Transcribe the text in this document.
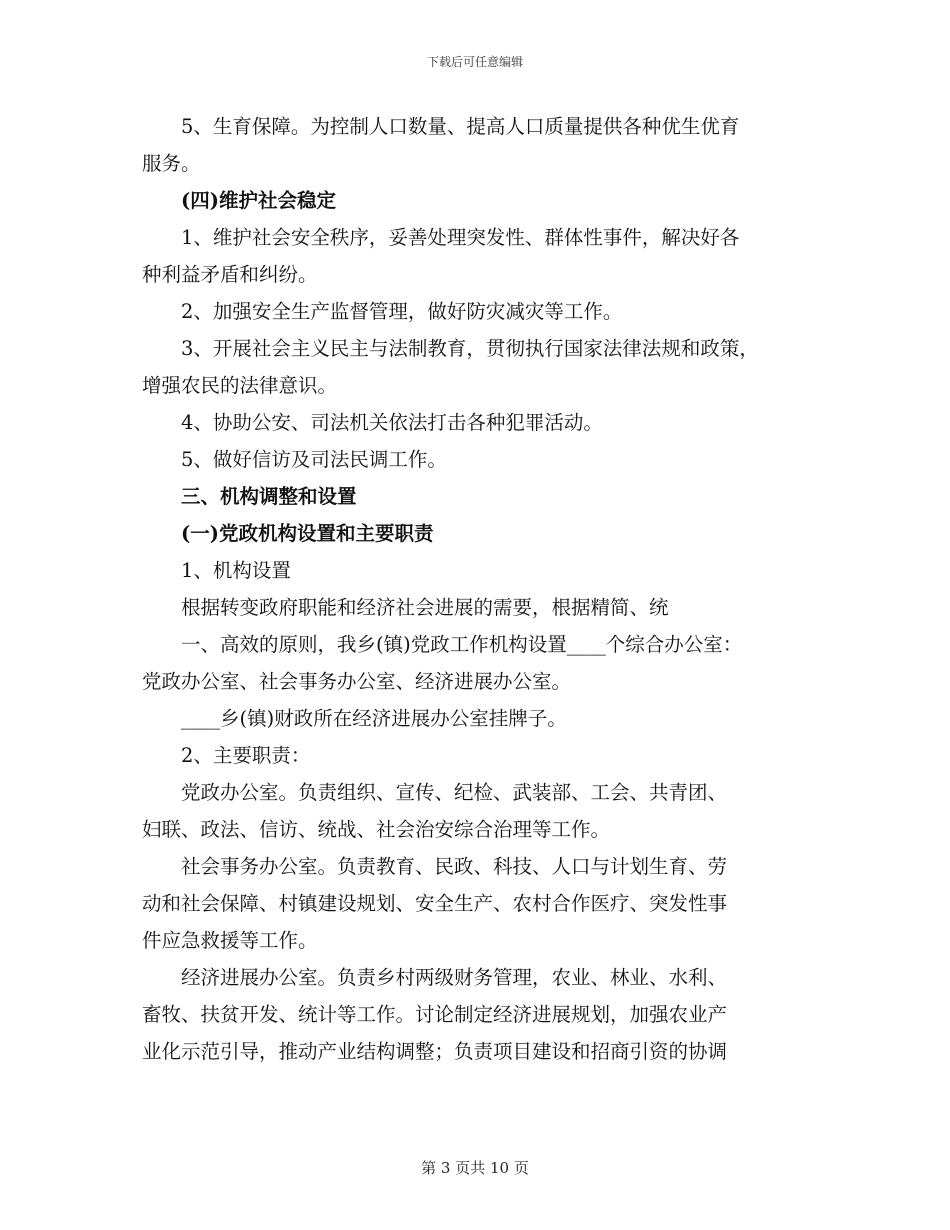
下载后可任意编辑
5、生育保障。为控制人口数量、提高人口质量提供各种优生优育
服务。

(四)维护社会稳定

1、维护社会安全秩序，妥善处理突发性、群体性事件，解决好各
种利益矛盾和纠纷。

2、加强安全生产监督管理，做好防灾减灾等工作。

3、开展社会主义民主与法制教育，贯彻执行国家法律法规和政策，
增强农民的法律意识。

4、协助公安、司法机关依法打击各种犯罪活动。

5、做好信访及司法民调工作。

三、机构调整和设置

(一)党政机构设置和主要职责

1、机构设置

根据转变政府职能和经济社会进展的需要，根据精简、统

一、高效的原则，我乡(镇)党政工作机构设置____个综合办公室：
党政办公室、社会事务办公室、经济进展办公室。

____乡(镇)财政所在经济进展办公室挂牌子。

2、主要职责：

党政办公室。负责组织、宣传、纪检、武装部、工会、共青团、
妇联、政法、信访、统战、社会治安综合治理等工作。
社会事务办公室。负责教育、民政、科技、人口与计划生育、劳
动和社会保障、村镇建设规划、安全生产、农村合作医疗、突发性事
件应急救援等工作。
经济进展办公室。负责乡村两级财务管理，农业、林业、水利、
畜牧、扶贫开发、统计等工作。讨论制定经济进展规划，加强农业产
业化示范引导，推动产业结构调整；负责项目建设和招商引资的协调
第 3 页共 10 页
